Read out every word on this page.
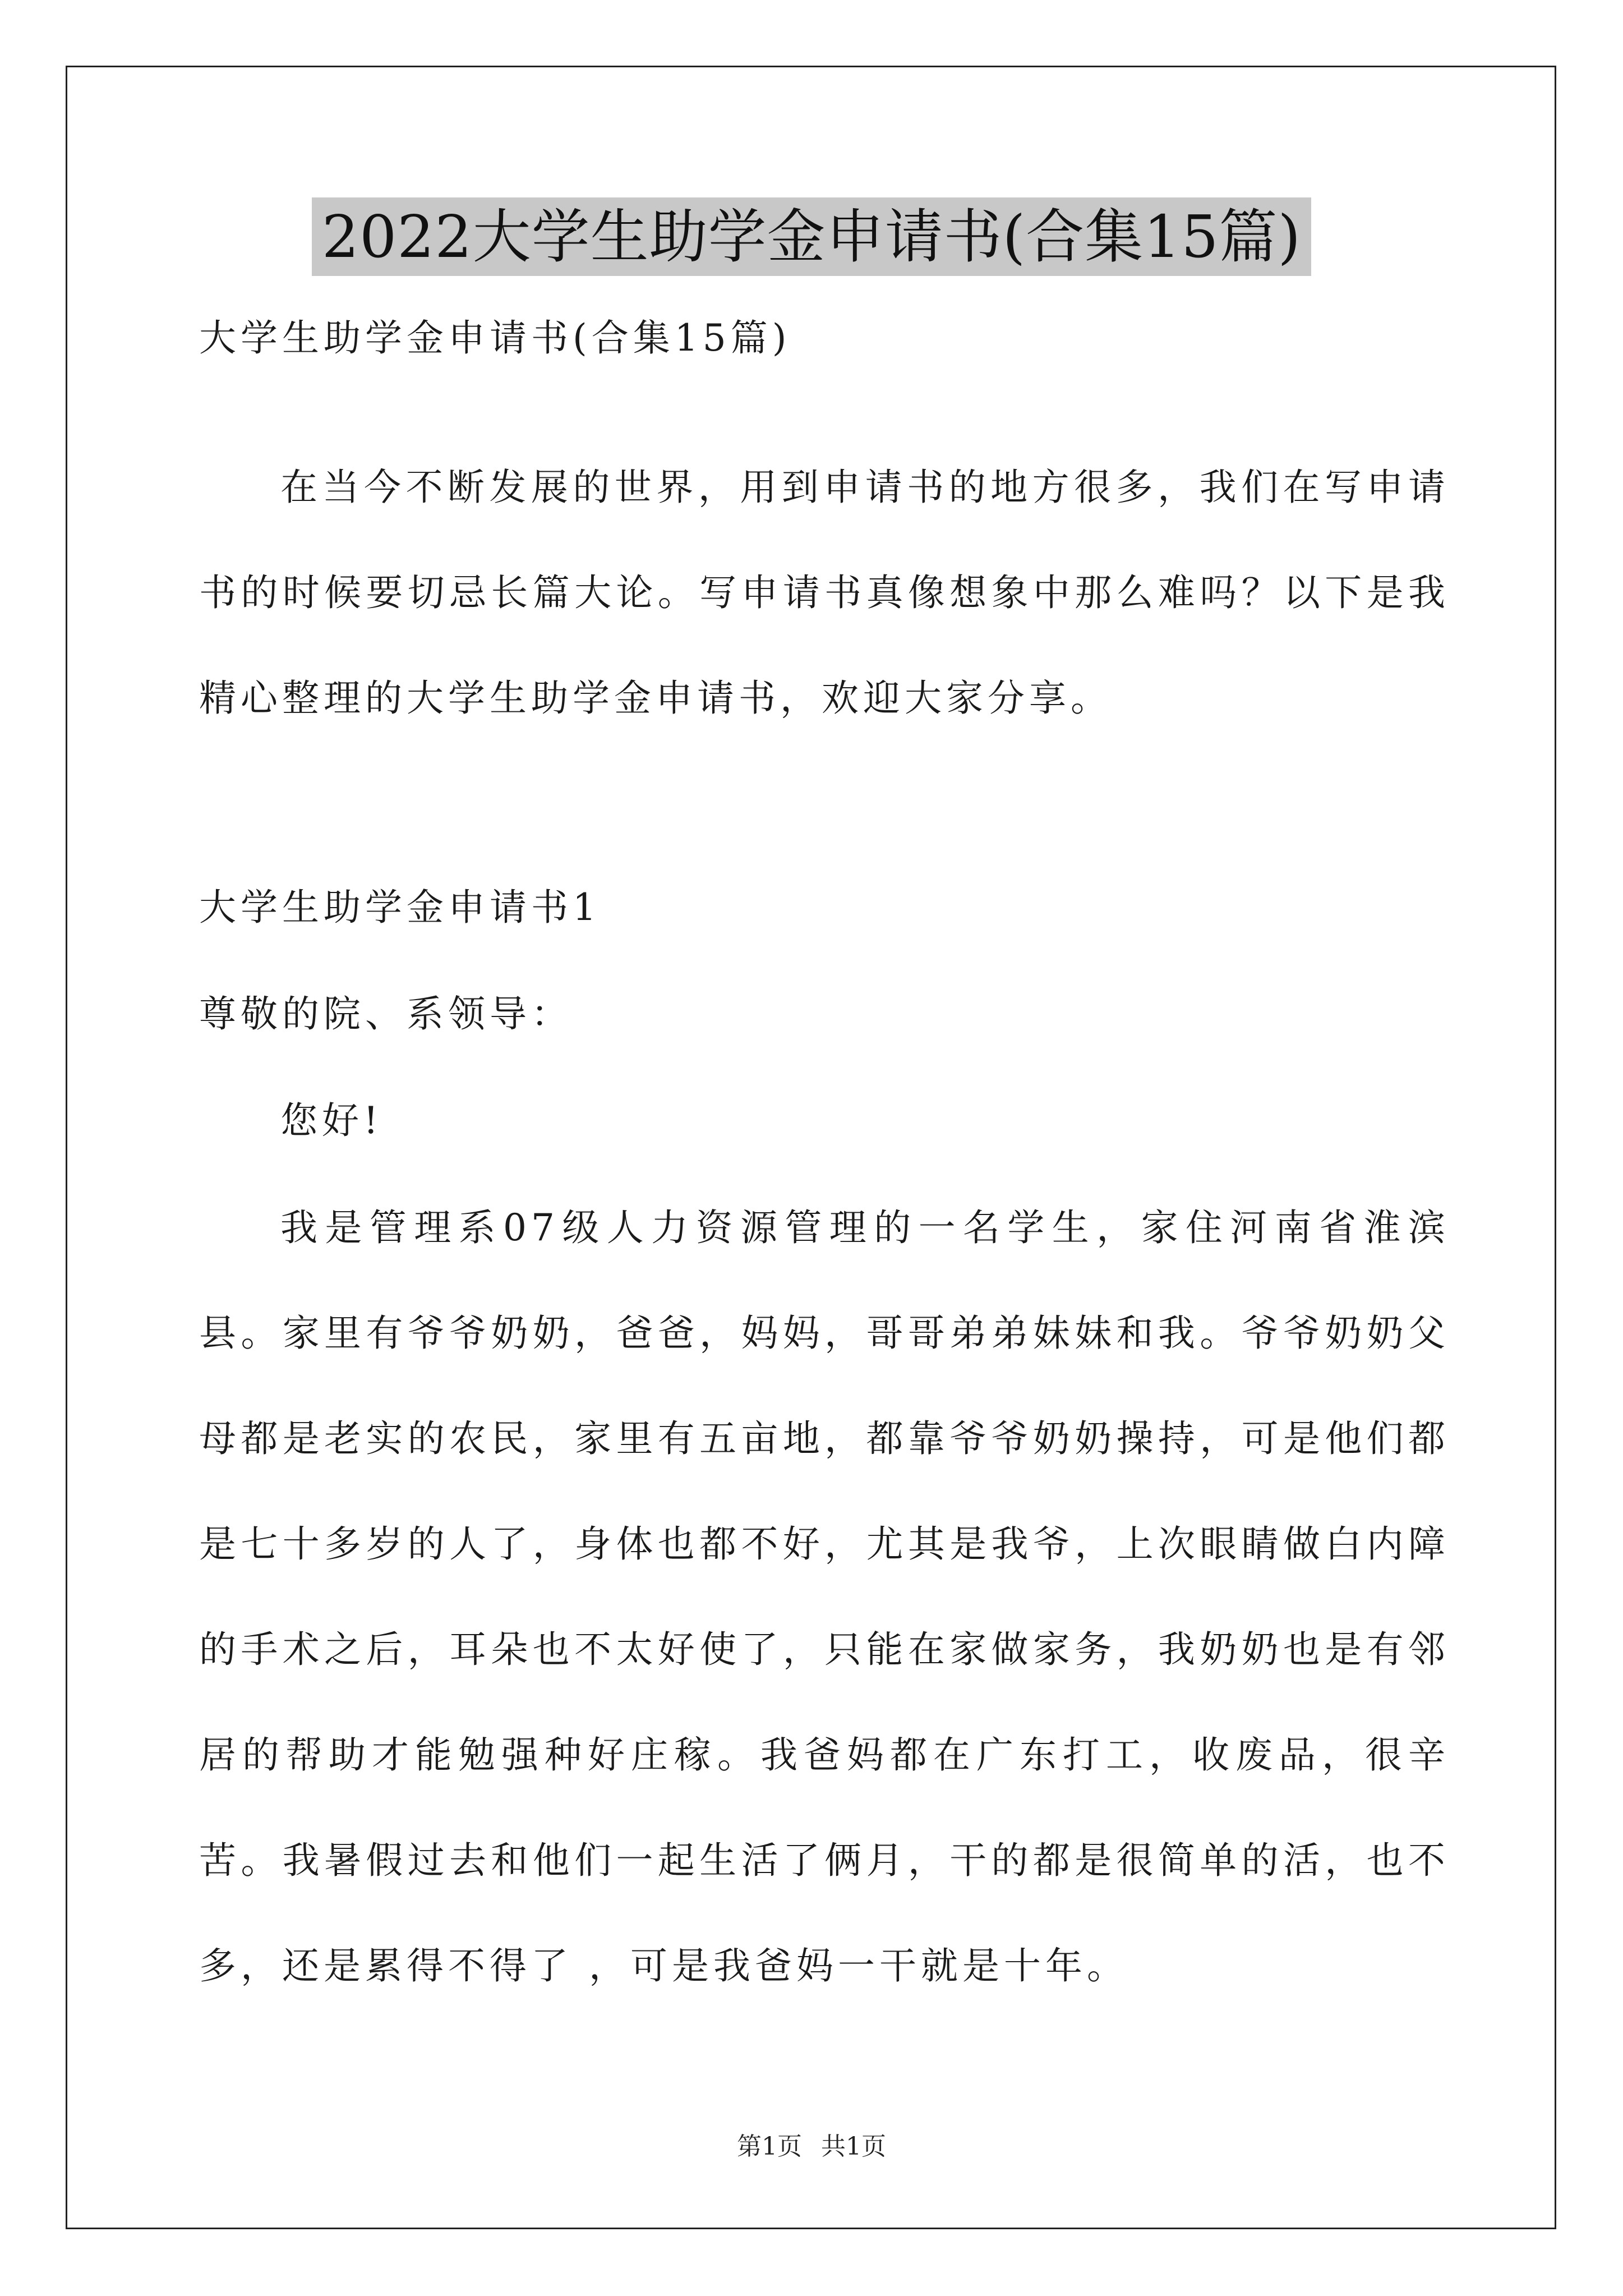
2022大学生助学金申请书(合集15篇)
大学生助学金申请书(合集15篇)
在当今不断发展的世界，用到申请书的地方很多，我们在写申请书的时候要切忌长篇大论。写申请书真像想象中那么难吗？以下是我精心整理的大学生助学金申请书，欢迎大家分享。
大学生助学金申请书1
尊敬的院、系领导：
您好!
我是管理系07级人力资源管理的一名学生，家住河南省淮滨县。家里有爷爷奶奶，爸爸，妈妈，哥哥弟弟妹妹和我。爷爷奶奶父母都是老实的农民，家里有五亩地，都靠爷爷奶奶操持，可是他们都是七十多岁的人了，身体也都不好，尤其是我爷，上次眼睛做白内障的手术之后，耳朵也不太好使了，只能在家做家务，我奶奶也是有邻居的帮助才能勉强种好庄稼。我爸妈都在广东打工，收废品，很辛苦。我暑假过去和他们一起生活了俩月，干的都是很简单的活，也不多，还是累得不得了 ，可是我爸妈一干就是十年。
第1页 共1页
